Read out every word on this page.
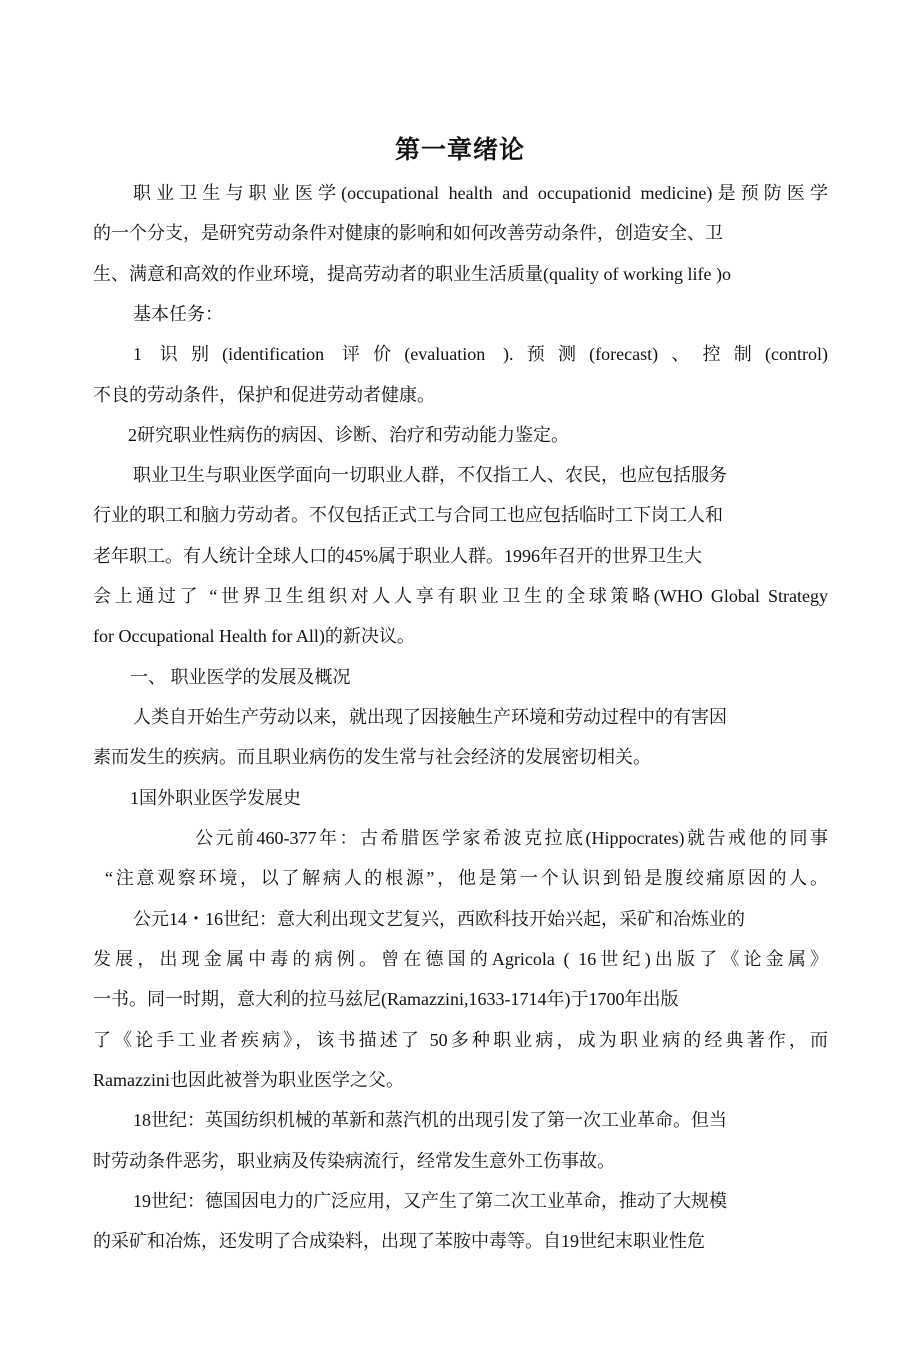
第一章绪论
职业卫生与职业医学(occupational health and occupationid medicine)是预防医学
的一个分支，是研究劳动条件对健康的影响和如何改善劳动条件，创造安全、卫
生、满意和高效的作业环境，提高劳动者的职业生活质量(quality of working life )o
基本任务：
1 识别(identification 评价(evaluation ).预测(forecast)、控制(control)
不良的劳动条件，保护和促进劳动者健康。
2研究职业性病伤的病因、诊断、治疗和劳动能力鉴定。
职业卫生与职业医学面向一切职业人群，不仅指工人、农民，也应包括服务
行业的职工和脑力劳动者。不仅包括正式工与合同工也应包括临时工下岗工人和
老年职工。有人统计全球人口的45%属于职业人群。1996年召开的世界卫生大
会上通过了 “世界卫生组织对人人享有职业卫生的全球策略(WHO Global Strategy
for Occupational Health for All)的新决议。
一、 职业医学的发展及概况
人类自开始生产劳动以来，就出现了因接触生产环境和劳动过程中的有害因
素而发生的疾病。而且职业病伤的发生常与社会经济的发展密切相关。
1国外职业医学发展史
公元前460-377年：古希腊医学家希波克拉底(Hippocrates)就告戒他的同事
“注意观察环境，以了解病人的根源”，他是第一个认识到铅是腹绞痛原因的人。
公元14・16世纪：意大利出现文艺复兴，西欧科技开始兴起，采矿和冶炼业的
发展，出现金属中毒的病例。曾在德国的Agricola ( 16世纪)出版了《论金属》
一书。同一时期，意大利的拉马兹尼(Ramazzini,1633-1714年)于1700年出版
了《论手工业者疾病》，该书描述了 50多种职业病，成为职业病的经典著作，而
Ramazzini也因此被誉为职业医学之父。
18世纪：英国纺织机械的革新和蒸汽机的出现引发了第一次工业革命。但当
时劳动条件恶劣，职业病及传染病流行，经常发生意外工伤事故。
19世纪：德国因电力的广泛应用，又产生了第二次工业革命，推动了大规模
的采矿和冶炼，还发明了合成染料，出现了苯胺中毒等。自19世纪末职业性危
